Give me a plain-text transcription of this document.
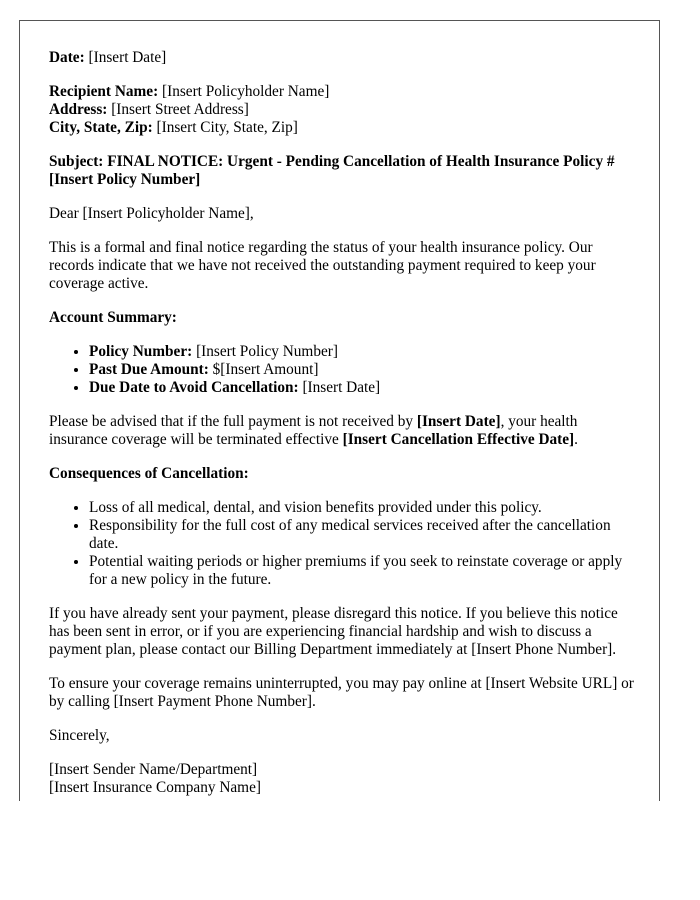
Date: [Insert Date]

Recipient Name: [Insert Policyholder Name]
Address: [Insert Street Address]
City, State, Zip: [Insert City, State, Zip]

Subject: FINAL NOTICE: Urgent - Pending Cancellation of Health Insurance Policy #[Insert Policy Number]

Dear [Insert Policyholder Name],

This is a formal and final notice regarding the status of your health insurance policy. Our records indicate that we have not received the outstanding payment required to keep your coverage active.

Account Summary:

• Policy Number: [Insert Policy Number]
• Past Due Amount: $[Insert Amount]
• Due Date to Avoid Cancellation: [Insert Date]

Please be advised that if the full payment is not received by [Insert Date], your health insurance coverage will be terminated effective [Insert Cancellation Effective Date].

Consequences of Cancellation:

• Loss of all medical, dental, and vision benefits provided under this policy.
• Responsibility for the full cost of any medical services received after the cancellation date.
• Potential waiting periods or higher premiums if you seek to reinstate coverage or apply for a new policy in the future.

If you have already sent your payment, please disregard this notice. If you believe this notice has been sent in error, or if you are experiencing financial hardship and wish to discuss a payment plan, please contact our Billing Department immediately at [Insert Phone Number].

To ensure your coverage remains uninterrupted, you may pay online at [Insert Website URL] or by calling [Insert Payment Phone Number].

Sincerely,

[Insert Sender Name/Department]
[Insert Insurance Company Name]
